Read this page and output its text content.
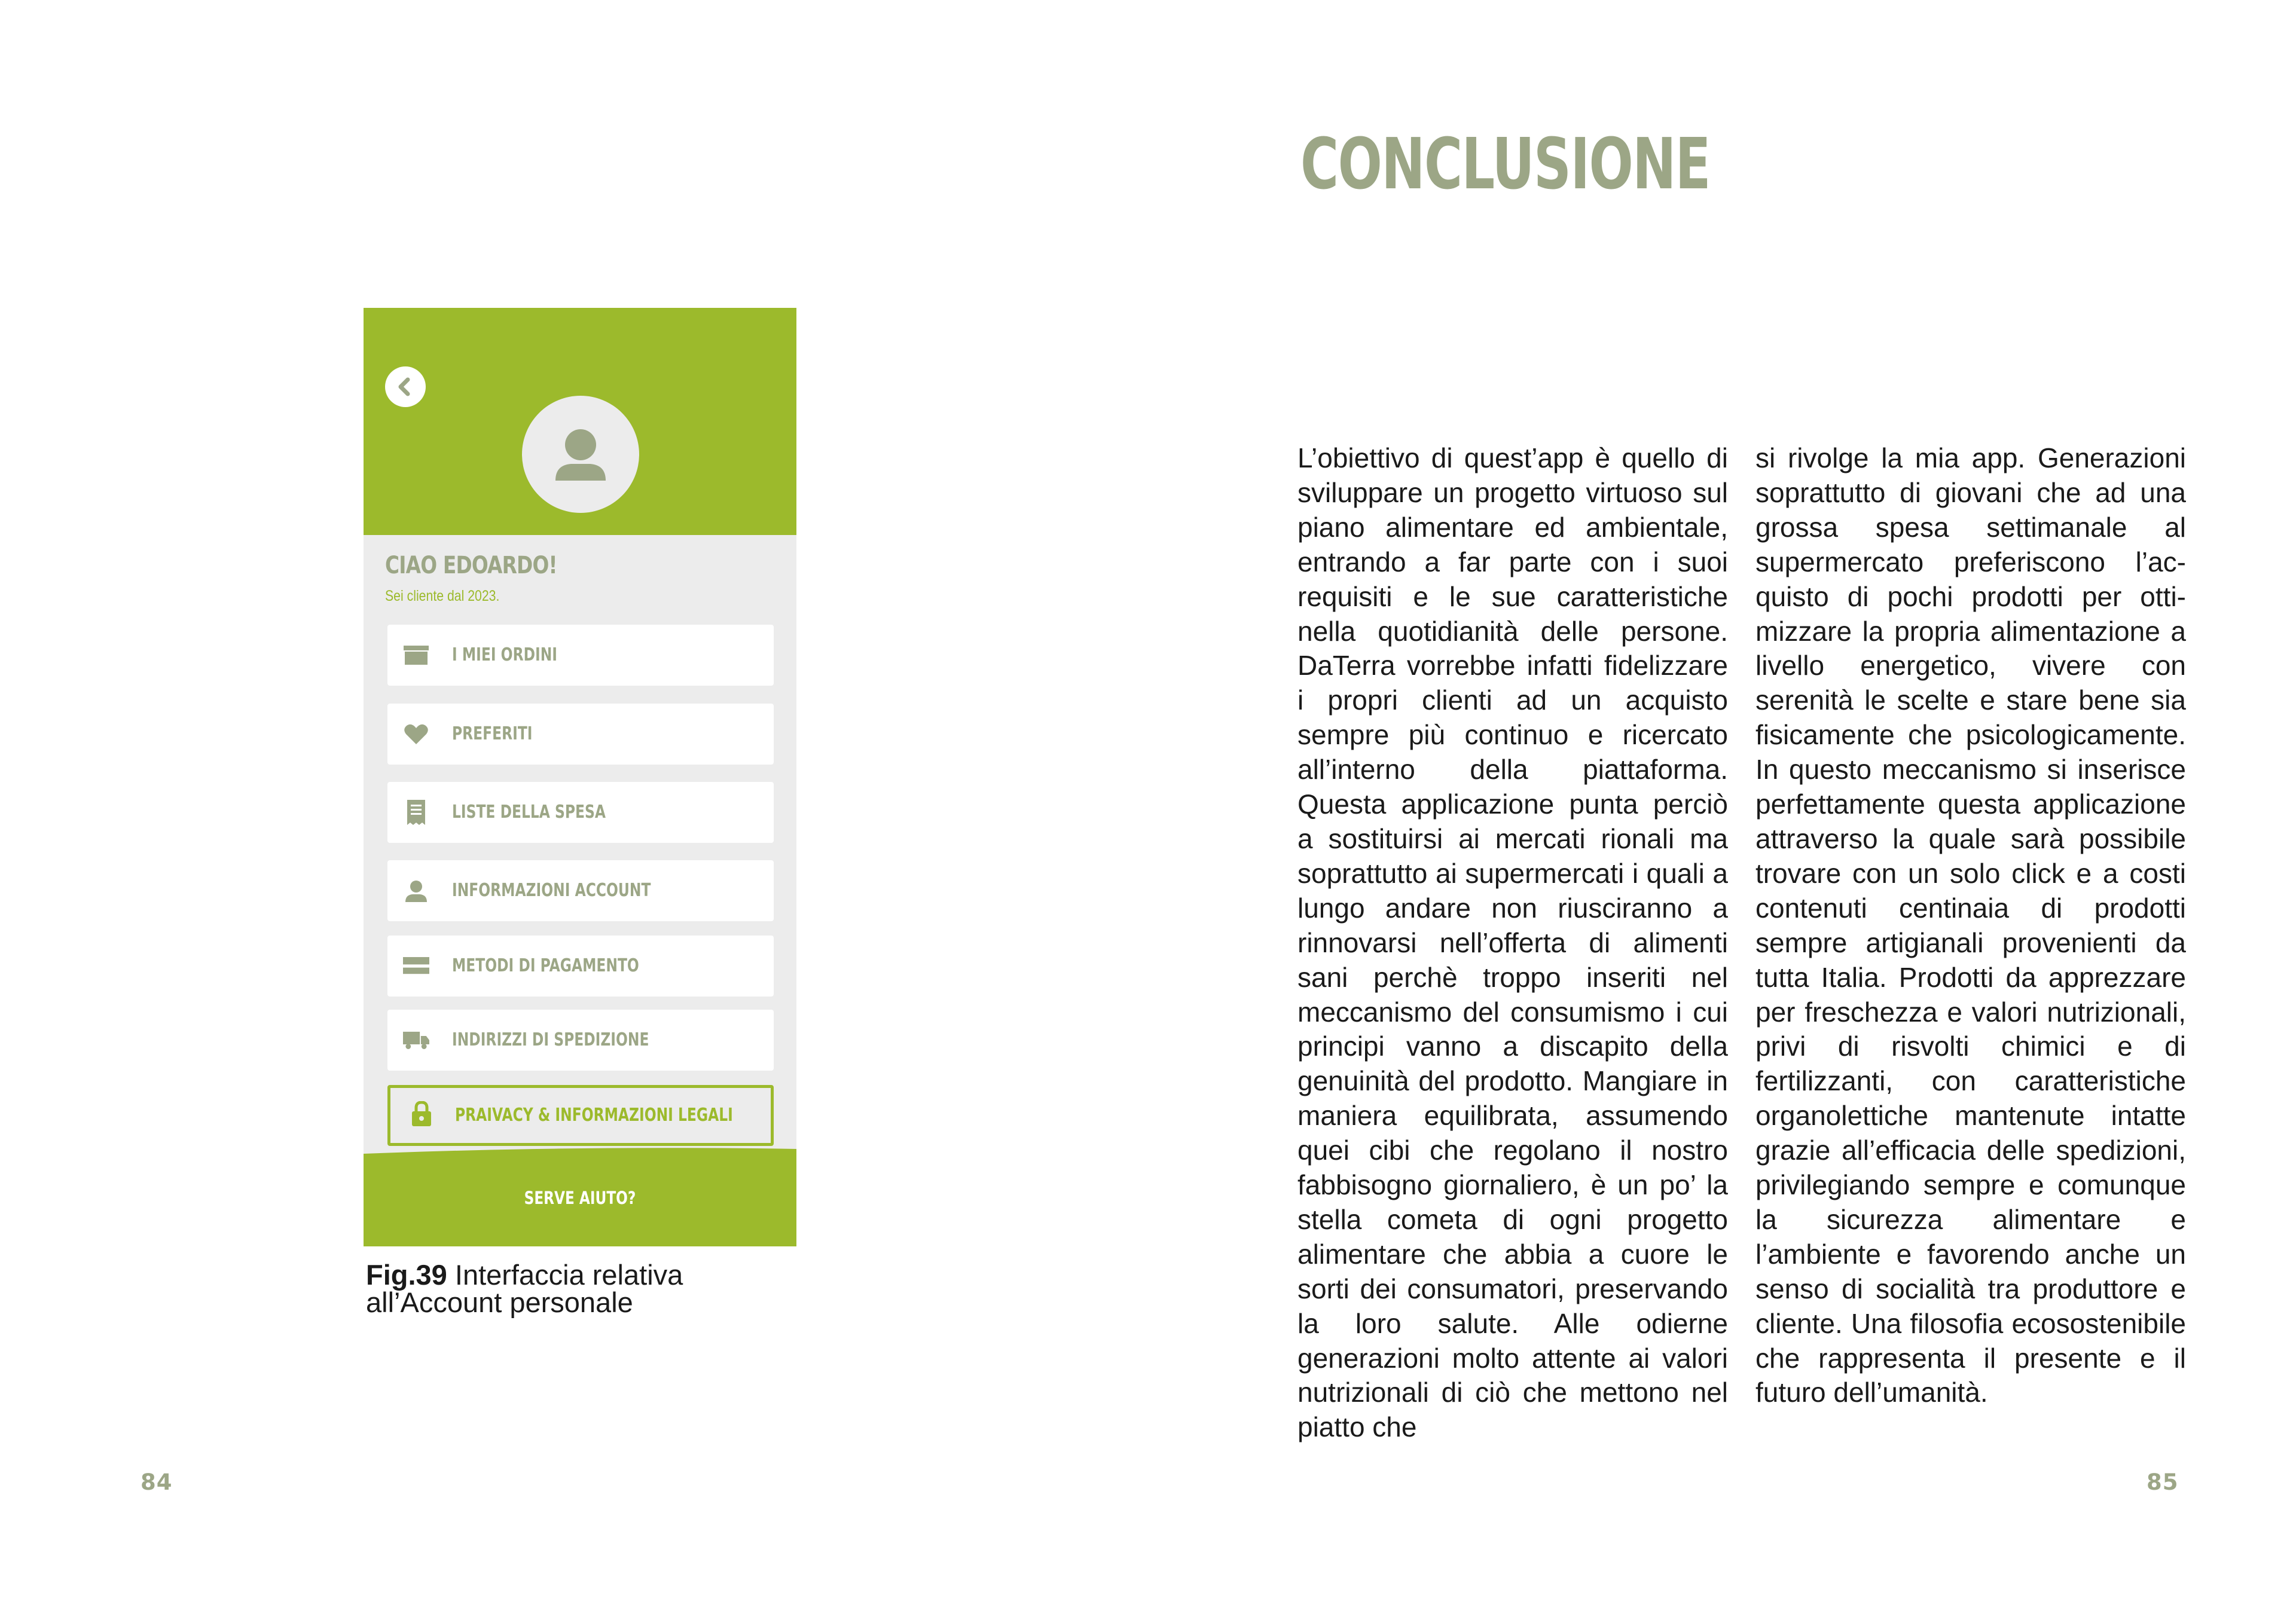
CIAO EDOARDO!
Sei cliente dal 2023.
I MIEI ORDINI
PREFERITI
LISTE DELLA SPESA
INFORMAZIONI ACCOUNT
METODI DI PAGAMENTO
INDIRIZZI DI SPEDIZIONE
PRAIVACY & INFORMAZIONI LEGALI
SERVE AIUTO?
Fig.39 Interfaccia relativa all’Account personale
84
CONCLUSIONE
L’obiettivo di quest’app è quello di sviluppare un progetto virtuoso sul piano alimentare ed ambientale, entrando a far parte con i suoi requisiti e le sue caratteristiche nella quotidianità delle persone. DaTerra vorrebbe infatti fidelizzare i propri clienti ad un acquisto sempre più continuo e ricercato all’interno della piattaforma. Questa applicazione punta perciò a sostituirsi ai mercati rionali ma soprattutto ai supermercati i quali a lungo andare non riusciranno a rinnovarsi nell’offerta di alimenti sani perchè troppo inseriti nel meccanismo del consumismo i cui principi vanno a discapito della genuinità del prodotto. Mangiare in maniera equilibrata, assumendo quei cibi che regolano il nostro fabbisogno giornaliero, è un po’ la stella cometa di ogni progetto alimentare che abbia a cuore le sorti dei consumatori, preservando la loro salute. Alle odierne generazioni molto attente ai valori nutrizionali di ciò che mettono nel piatto che
si rivolge la mia app. Generazioni soprattutto di giovani che ad una grossa spesa settimanale al supermercato preferiscono l’acquisto di pochi prodotti per ottimizzare la propria alimentazione a livello energetico, vivere con serenità le scelte e stare bene sia fisicamente che psicologicamente. In questo meccanismo si inserisce perfettamente questa applicazione attraverso la quale sarà possibile trovare con un solo click e a costi contenuti centinaia di prodotti sempre artigianali provenienti da tutta Italia. Prodotti da apprezzare per freschezza e valori nutrizionali, privi di risvolti chimici e di fertilizzanti, con caratteristiche organolettiche mantenute intatte grazie all’efficacia delle spedizioni, privilegiando sempre e comunque la sicurezza alimentare e l’ambiente e favorendo anche un senso di socialità tra produttore e cliente. Una filosofia ecosostenibile che rappresenta il presente e il futuro dell’umanità.
85
